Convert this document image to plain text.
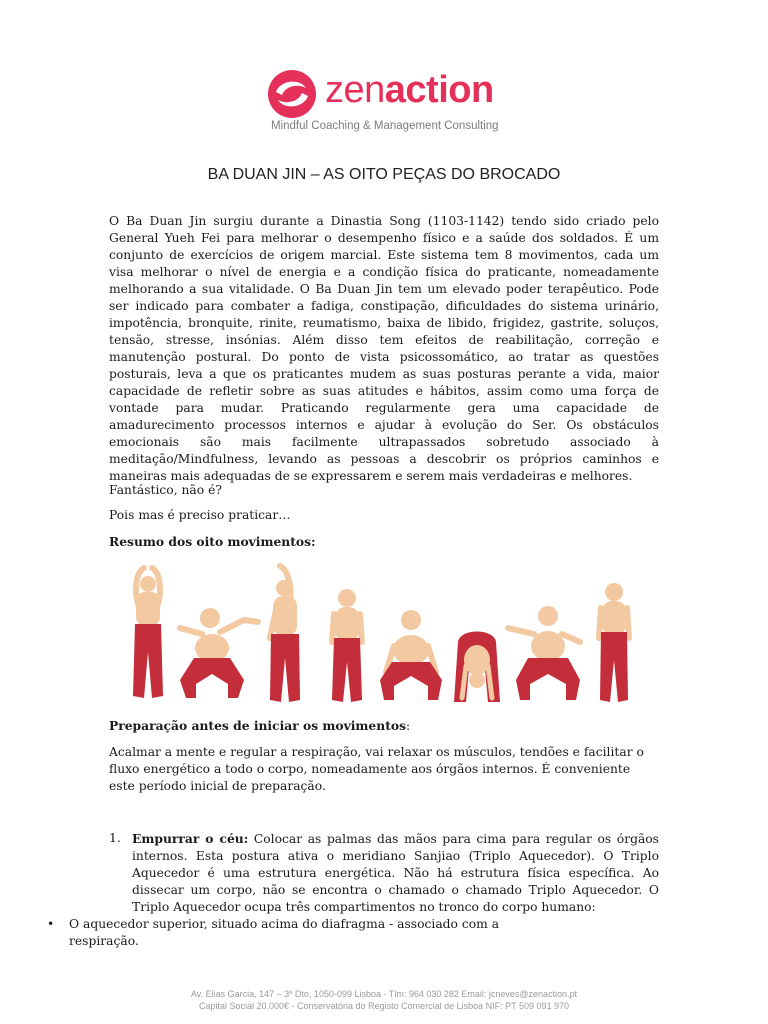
zenaction
Mindful Coaching & Management Consulting
BA DUAN JIN – AS OITO PEÇAS DO BROCADO
O Ba Duan Jin surgiu durante a Dinastia Song (1103-1142) tendo sido criado pelo General Yueh Fei para melhorar o desempenho físico e a saúde dos soldados. É um conjunto de exercícios de origem marcial. Este sistema tem 8 movimentos, cada um visa melhorar o nível de energia e a condição física do praticante, nomeadamente melhorando a sua vitalidade. O Ba Duan Jin tem um elevado poder terapêutico. Pode ser indicado para combater a fadiga, constipação, dificuldades do sistema urinário, impotência, bronquite, rinite, reumatismo, baixa de libido, frigidez, gastrite, soluços, tensão, stresse, insónias. Além disso tem efeitos de reabilitação, correção e manutenção postural. Do ponto de vista psicossomático, ao tratar as questões posturais, leva a que os praticantes mudem as suas posturas perante a vida, maior capacidade de refletir sobre as suas atitudes e hábitos, assim como uma força de vontade para mudar. Praticando regularmente gera uma capacidade de amadurecimento processos internos e ajudar à evolução do Ser. Os obstáculos emocionais são mais facilmente ultrapassados sobretudo associado à meditação/Mindfulness, levando as pessoas a descobrir os próprios caminhos e maneiras mais adequadas de se expressarem e serem mais verdadeiras e melhores.
Fantástico, não é?
Pois mas é preciso praticar…
Resumo dos oito movimentos:
Preparação antes de iniciar os movimentos:
Acalmar a mente e regular a respiração, vai relaxar os músculos, tendões e facilitar o fluxo energético a todo o corpo, nomeadamente aos órgãos internos. É conveniente este período inicial de preparação.
1. Empurrar o céu: Colocar as palmas das mãos para cima para regular os órgãos internos. Esta postura ativa o meridiano Sanjiao (Triplo Aquecedor). O Triplo Aquecedor é uma estrutura energética. Não há estrutura física específica. Ao dissecar um corpo, não se encontra o chamado o chamado Triplo Aquecedor. O Triplo Aquecedor ocupa três compartimentos no tronco do corpo humano:
• O aquecedor superior, situado acima do diafragma - associado com a respiração.
Av. Elias Garcia, 147 – 3º Dto, 1050-099 Lisboa - Tlm: 964 030 282 Email: jcneves@zenaction.pt
Capital Social 20.000€ - Conservatória do Registo Comercial de Lisboa NIF: PT 509 091 970
